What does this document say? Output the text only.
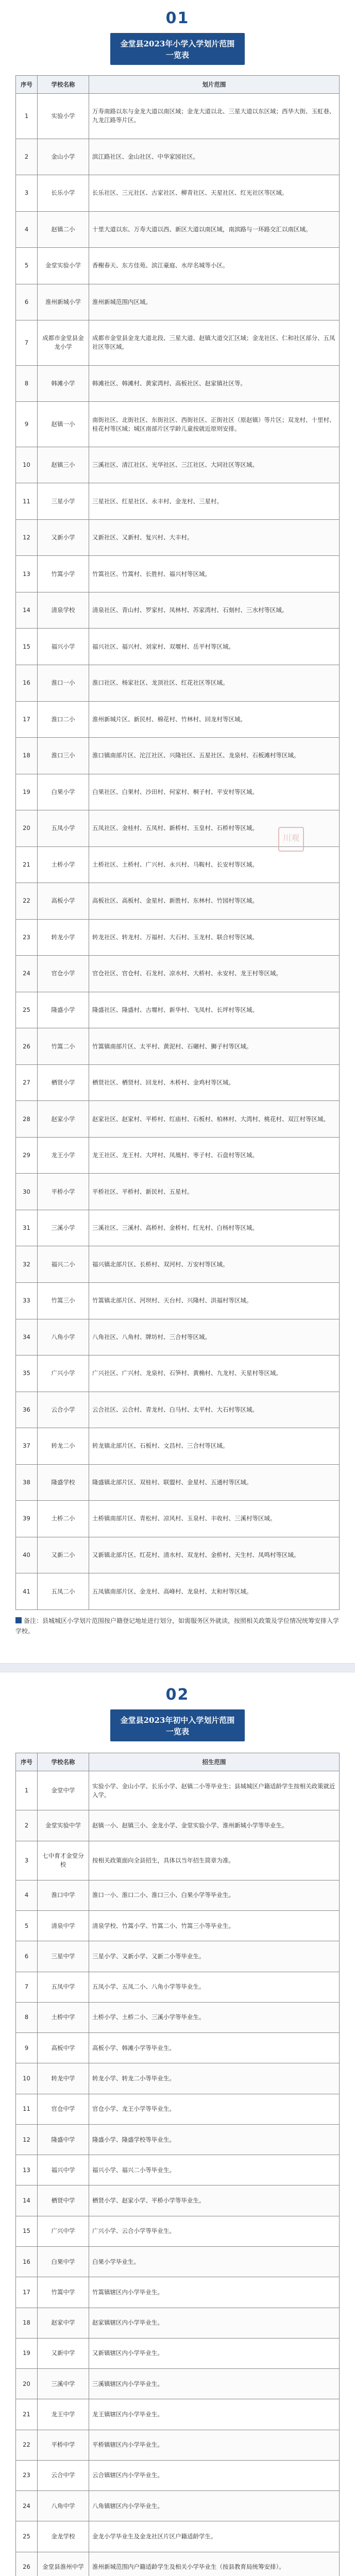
01
金堂县2023年小学入学划片范围
一览表
序号	学校名称	划片范围
1	实验小学	万寿南路以东与金龙大道以南区域；金龙大道以北、三星大道以东区域；西华大街、玉虹巷、九龙江路等片区。
2	金山小学	滨江路社区、金山社区、中华家园社区。
3	长乐小学	长乐社区、三元社区、古家社区、柳青社区、天星社区、红光社区等区域。
4	赵镇二小	十里大道以东、万寿大道以西、新区大道以南区域，南滨路与一环路交汇以南区域。
5	金堂实验小学	香榭春天、东方佳苑、滨江豪庭、水岸名城等小区。
6	淮州新城小学	淮州新城范围内区域。
7	成都市金堂县金龙小学	成都市金堂县金龙大道北段、三星大道、赵镇大道交汇区域；金龙社区、仁和社区部分、五凤社区等区域。
8	韩滩小学	韩滩社区、韩滩村、黄家湾村、高板社区、赵家镇社区等。
9	赵镇一小	南街社区、北街社区、东街社区、西街社区、正街社区（原赵镇）等片区；双龙村、十里村、桂花村等区域；城区南部片区学龄儿童按就近原则安排。
10	赵镇三小	三溪社区、清江社区、光华社区、三江社区、大同社区等区域。
11	三星小学	三星社区、红星社区、永丰村、金龙村、三星村。
12	又新小学	又新社区、又新村、复兴村、大丰村。
13	竹篙小学	竹篙社区、竹篙村、长胜村、福兴村等区域。
14	清泉学校	清泉社区、青山村、罗家村、凤林村、苏家湾村、石刻村、三水村等区域。
15	福兴小学	福兴社区、福兴村、刘家村、双堰村、岳平村等区域。
16	淮口一小	淮口社区、杨家社区、龙顶社区、红花社区等区域。
17	淮口二小	淮州新城片区、新民村、棉花村、竹林村、回龙村等区域。
18	淮口三小	淮口镇南部片区、沱江社区、兴隆社区、五星社区、龙泉村、石板滩村等区域。
19	白果小学	白果社区、白果村、沙田村、何家村、桐子村、平安村等区域。
20	五凤小学	五凤社区、金桂村、五凤村、新桥村、玉皇村、石桥村等区域。
21	土桥小学	土桥社区、土桥村、广兴村、永兴村、马鞍村、长安村等区域。
22	高板小学	高板社区、高板村、金星村、新胜村、东林村、竹园村等区域。
23	转龙小学	转龙社区、转龙村、万福村、大石村、玉龙村、联合村等区域。
24	官仓小学	官仓社区、官仓村、石龙村、凉水村、大桥村、永安村、龙王村等区域。
25	隆盛小学	隆盛社区、隆盛村、古堰村、新华村、飞凤村、长坪村等区域。
26	竹篙二小	竹篙镇南部片区、太平村、黄泥村、石碾村、狮子村等区域。
27	栖贤小学	栖贤社区、栖贤村、回龙村、木桥村、金鸡村等区域。
28	赵家小学	赵家社区、赵家村、平桥村、红庙村、石板村、柏林村、大湾村、桃花村、双江村等区域。
29	龙王小学	龙王社区、龙王村、大坪村、凤凰村、枣子村、石盘村等区域。
30	平桥小学	平桥社区、平桥村、新民村、五星村。
31	三溪小学	三溪社区、三溪村、高桥村、金桥村、红光村、白杨村等区域。
32	福兴二小	福兴镇北部片区、长桥村、双河村、万安村等区域。
33	竹篙三小	竹篙镇北部片区、河坝村、天台村、兴隆村、洪福村等区域。
34	八角小学	八角社区、八角村、牌坊村、三合村等区域。
35	广兴小学	广兴社区、广兴村、龙泉村、石笋村、黄桷村、九龙村、天星村等区域。
36	云合小学	云合社区、云合村、青龙村、白马村、太平村、大石村等区域。
37	转龙二小	转龙镇北部片区、石板村、文昌村、三合村等区域。
38	隆盛学校	隆盛镇北部片区、双桂村、联盟村、金星村、五通村等区域。
39	土桥二小	土桥镇南部片区、青松村、凉风村、玉泉村、丰收村、三溪村等区域。
40	又新二小	又新镇北部片区、红花村、清水村、双龙村、金桥村、天生村、凤鸣村等区域。
41	五凤二小	五凤镇南部片区、金龙村、高峰村、龙泉村、太和村等区域。
川观
备注：县城城区小学划片范围按户籍登记地址进行划分，如需服务区外就读，按照相关政策及学位情况统筹安排入学学校。
02
金堂县2023年初中入学划片范围
一览表
序号	学校名称	招生范围
1	金堂中学	实验小学、金山小学、长乐小学、赵镇二小等毕业生；县城城区户籍适龄学生按相关政策就近入学。
2	金堂实验中学	赵镇一小、赵镇三小、金龙小学、金堂实验小学、淮州新城小学等毕业生。
3	七中育才金堂分校	按相关政策面向全县招生，具体以当年招生简章为准。
4	淮口中学	淮口一小、淮口二小、淮口三小、白果小学等毕业生。
5	清泉中学	清泉学校、竹篙小学、竹篙二小、竹篙三小等毕业生。
6	三星中学	三星小学、又新小学、又新二小等毕业生。
7	五凤中学	五凤小学、五凤二小、八角小学等毕业生。
8	土桥中学	土桥小学、土桥二小、三溪小学等毕业生。
9	高板中学	高板小学、韩滩小学等毕业生。
10	转龙中学	转龙小学、转龙二小等毕业生。
11	官仓中学	官仓小学、龙王小学等毕业生。
12	隆盛中学	隆盛小学、隆盛学校等毕业生。
13	福兴中学	福兴小学、福兴二小等毕业生。
14	栖贤中学	栖贤小学、赵家小学、平桥小学等毕业生。
15	广兴中学	广兴小学、云合小学等毕业生。
16	白果中学	白果小学毕业生。
17	竹篙中学	竹篙镇辖区内小学毕业生。
18	赵家中学	赵家镇辖区内小学毕业生。
19	又新中学	又新镇辖区内小学毕业生。
20	三溪中学	三溪镇辖区内小学毕业生。
21	龙王中学	龙王镇辖区内小学毕业生。
22	平桥中学	平桥镇辖区内小学毕业生。
23	云合中学	云合镇辖区内小学毕业生。
24	八角中学	八角镇辖区内小学毕业生。
25	金龙学校	金龙小学毕业生及金龙社区片区户籍适龄学生。
26	金堂县淮州中学	淮州新城范围内户籍适龄学生及相关小学毕业生（按县教育局统筹安排）。
